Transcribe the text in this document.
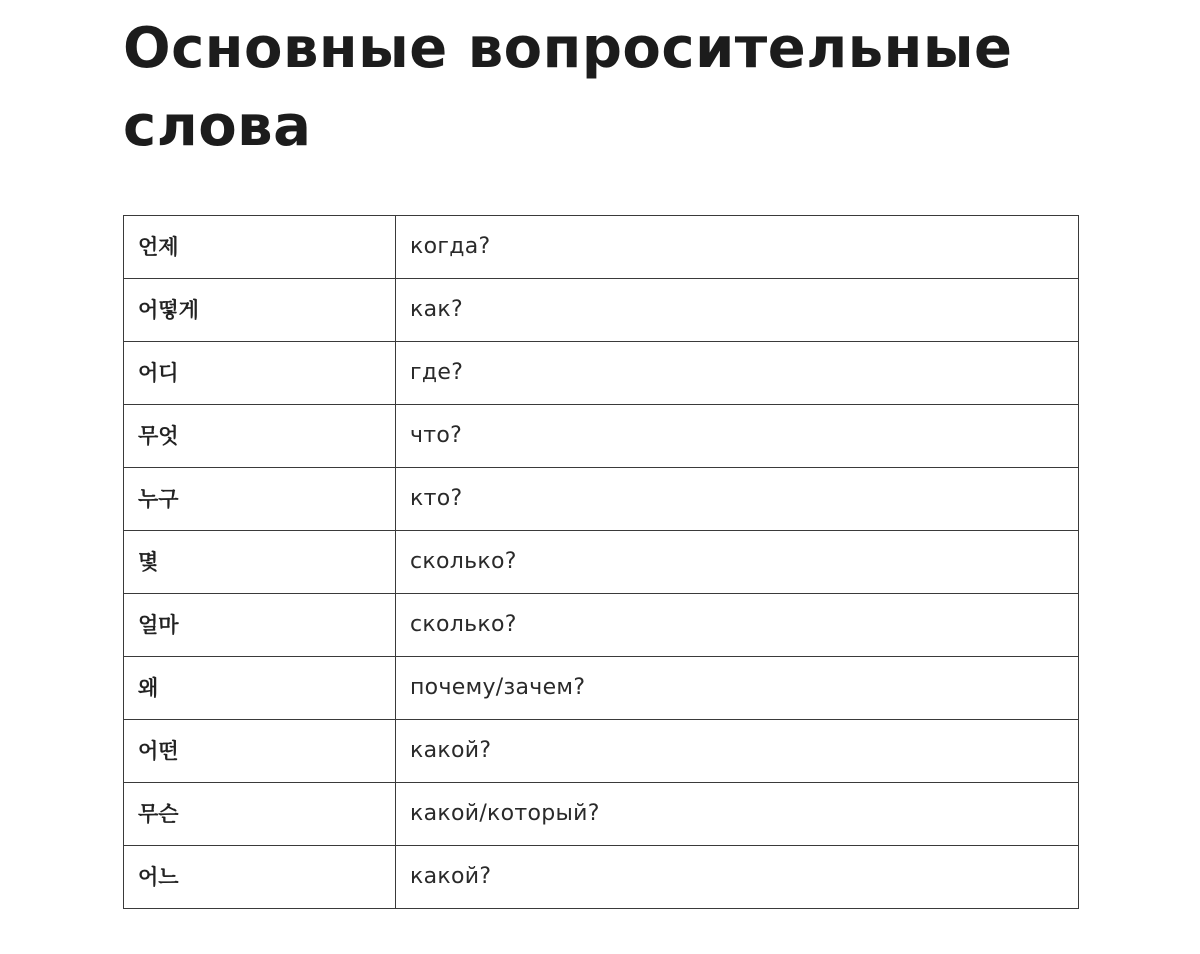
Основные вопросительные слова
언제	когда?
어떻게	как?
어디	где?
무엇	что?
누구	кто?
몇	сколько?
얼마	сколько?
왜	почему/зачем?
어떤	какой?
무슨	какой/который?
어느	какой?
